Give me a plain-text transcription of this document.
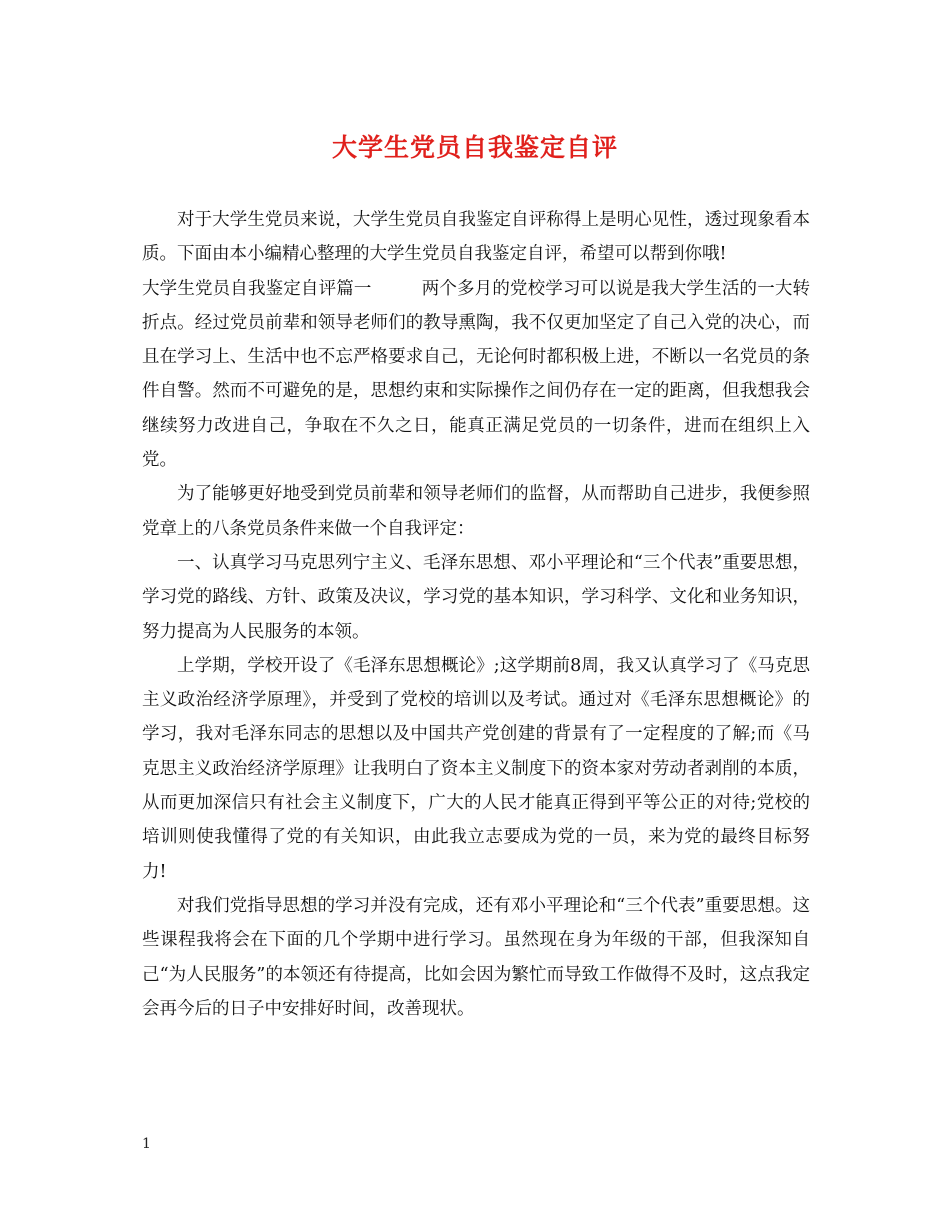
大学生党员自我鉴定自评

对于大学生党员来说，大学生党员自我鉴定自评称得上是明心见性，透过现象看本质。下面由本小编精心整理的大学生党员自我鉴定自评，希望可以帮到你哦!

大学生党员自我鉴定自评篇一	两个多月的党校学习可以说是我大学生活的一大转折点。经过党员前辈和领导老师们的教导熏陶，我不仅更加坚定了自己入党的决心，而且在学习上、生活中也不忘严格要求自己，无论何时都积极上进，不断以一名党员的条件自警。然而不可避免的是，思想约束和实际操作之间仍存在一定的距离，但我想我会继续努力改进自己，争取在不久之日，能真正满足党员的一切条件，进而在组织上入党。

为了能够更好地受到党员前辈和领导老师们的监督，从而帮助自己进步，我便参照党章上的八条党员条件来做一个自我评定：

一、认真学习马克思列宁主义、毛泽东思想、邓小平理论和“三个代表”重要思想，学习党的路线、方针、政策及决议，学习党的基本知识，学习科学、文化和业务知识，努力提高为人民服务的本领。

上学期，学校开设了《毛泽东思想概论》;这学期前8周，我又认真学习了《马克思主义政治经济学原理》，并受到了党校的培训以及考试。通过对《毛泽东思想概论》的学习，我对毛泽东同志的思想以及中国共产党创建的背景有了一定程度的了解;而《马克思主义政治经济学原理》让我明白了资本主义制度下的资本家对劳动者剥削的本质，从而更加深信只有社会主义制度下，广大的人民才能真正得到平等公正的对待;党校的培训则使我懂得了党的有关知识，由此我立志要成为党的一员，来为党的最终目标努力!

对我们党指导思想的学习并没有完成，还有邓小平理论和“三个代表”重要思想。这些课程我将会在下面的几个学期中进行学习。虽然现在身为年级的干部，但我深知自己“为人民服务”的本领还有待提高，比如会因为繁忙而导致工作做得不及时，这点我定会再今后的日子中安排好时间，改善现状。

1
